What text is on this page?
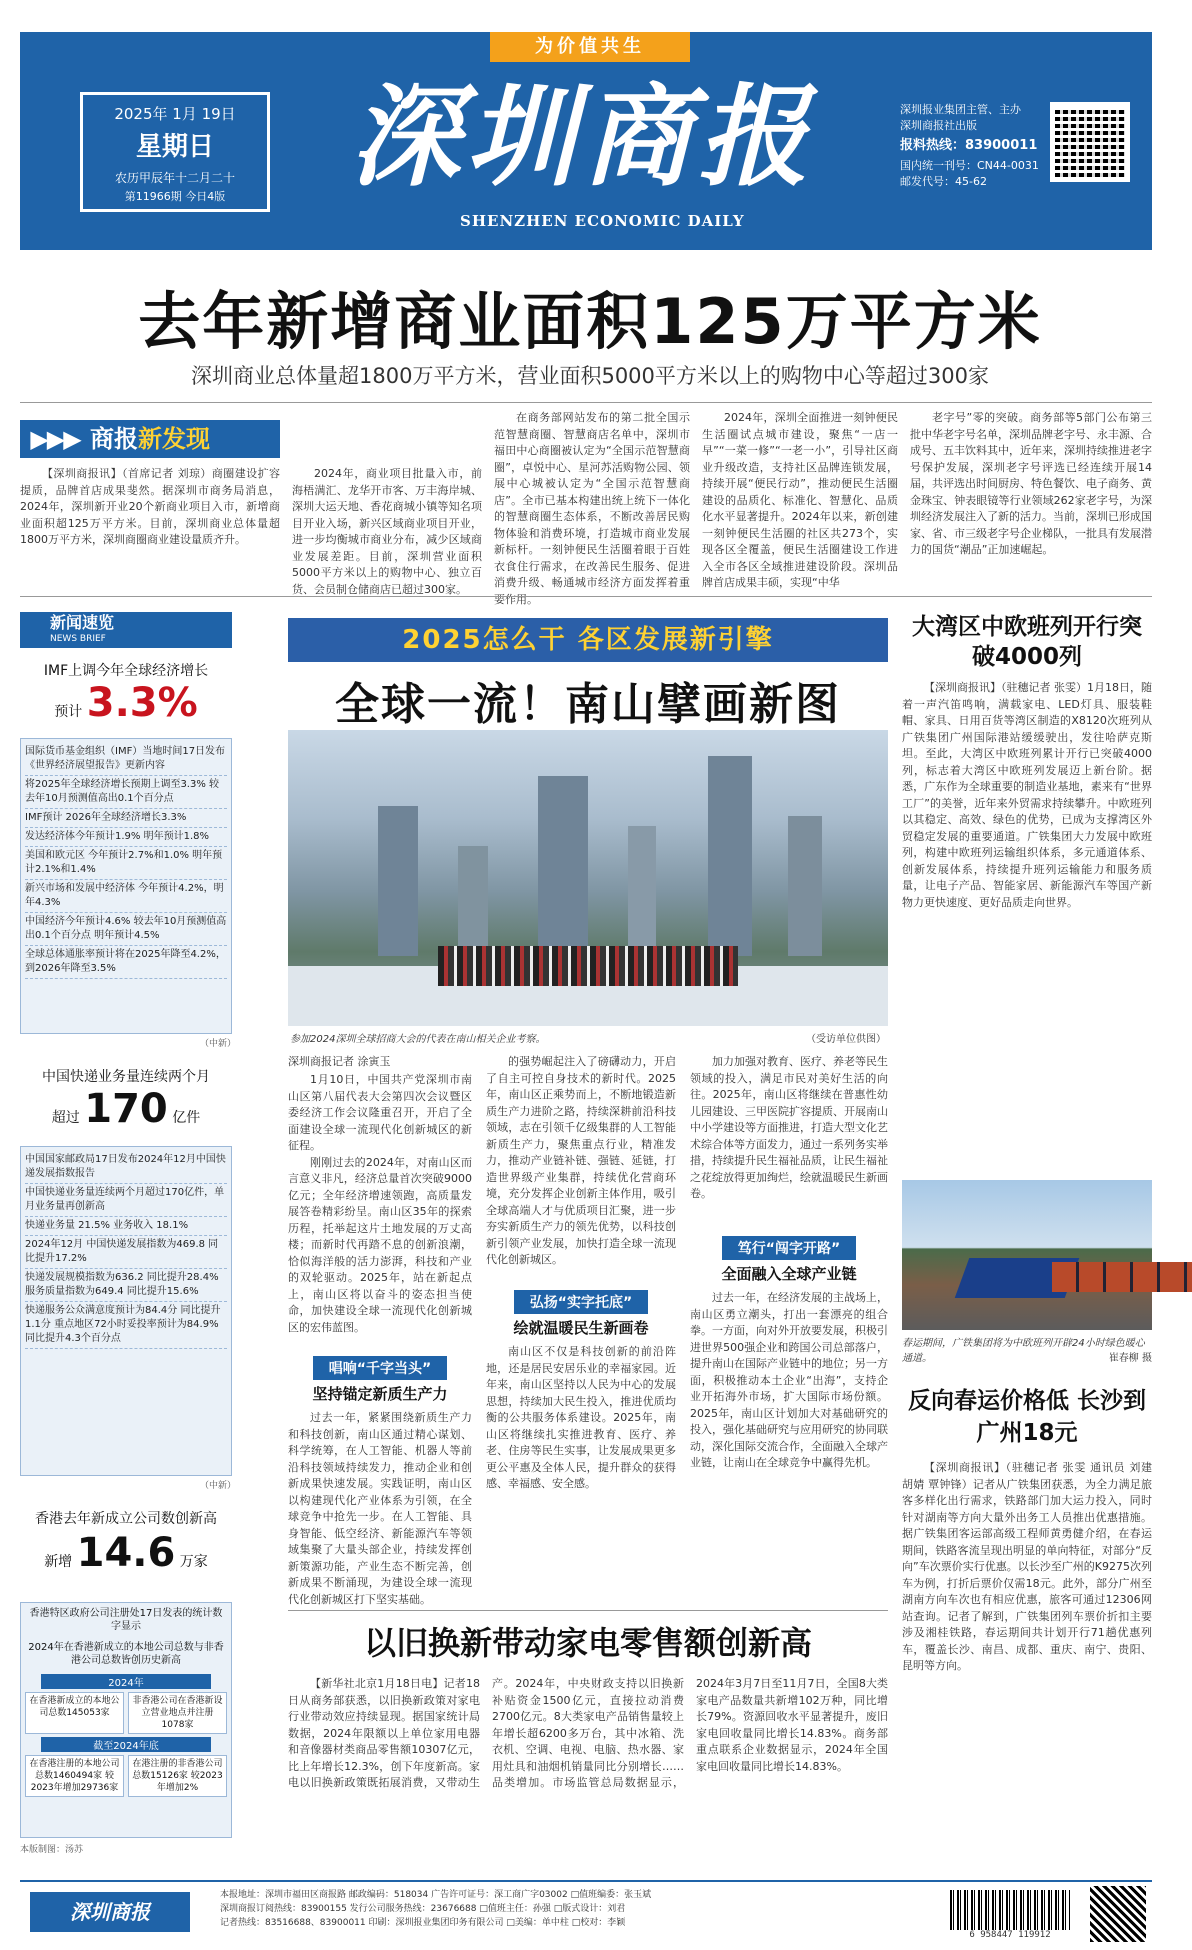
为价值共生
2025年 1月 19日
星期日
农历甲辰年十二月二十
第11966期 今日4版	深圳商报
SHENZHEN ECONOMIC DAILY
深圳报业集团主管、主办
深圳商报社出版
报料热线：83900011
国内统一刊号：CN44-0031
邮发代号：45-62
去年新增商业面积125万平方米
深圳商业总体量超1800万平方米，营业面积5000平方米以上的购物中心等超过300家
▶▶▶ 商报新发现

【深圳商报讯】（首席记者 刘琼）商圈建设扩容提质，品牌首店成果斐然。据深圳市商务局消息，2024年，深圳新开业20个新商业项目入市，新增商业面积超125万平方米。目前，深圳商业总体量超1800万平方米，深圳商圈商业建设量质齐升。

2024年，商业项目批量入市，前海梧满汇、龙华开市客、万丰海岸城、深圳大运天地、香花商城小镇等知名项目开业入场，新兴区域商业项目开业，进一步均衡城市商业分布，减少区域商业发展差距。目前，深圳营业面积5000平方米以上的购物中心、独立百货、会员制仓储商店已超过300家。

在商务部网站发布的第二批全国示范智慧商圈、智慧商店名单中，深圳市福田中心商圈被认定为“全国示范智慧商圈”，卓悦中心、星河苏活购物公园、领展中心城被认定为“全国示范智慧商店”。全市已基本构建出统上统下一体化的智慧商圈生态体系，不断改善居民购物体验和消费环境，打造城市商业发展新标杆。一刻钟便民生活圈着眼于百姓衣食住行需求，在改善民生服务、促进消费升级、畅通城市经济方面发挥着重要作用。

2024年，深圳全面推进一刻钟便民生活圈试点城市建设，聚焦“一店一早”“一菜一修”“一老一小”，引导社区商业升级改造，支持社区品牌连锁发展，持续开展“便民行动”，推动便民生活圈建设的品质化、标准化、智慧化、品质化水平显著提升。2024年以来，新创建一刻钟便民生活圈的社区共273个，实现各区全覆盖，便民生活圈建设工作进入全市各区全域推进建设阶段。深圳品牌首店成果丰硕，实现“中华

老字号”零的突破。商务部等5部门公布第三批中华老字号名单，深圳品牌老字号、永丰源、合成号、五丰饮料其中，近年来，深圳持续推进老字号保护发展，深圳老字号评选已经连续开展14届，共评选出时间厨房、特色餐饮、电子商务、黄金珠宝、钟表眼镜等行业领域262家老字号，为深圳经济发展注入了新的活力。当前，深圳已形成国家、省、市三级老字号企业梯队，一批具有发展潜力的国货“潮品”正加速崛起。

新闻速览
NEWS BRIEF
IMF上调今年全球经济增长
预计 3.3%
国际货币基金组织（IMF）当地时间17日发布《世界经济展望报告》更新内容
将2025年全球经济增长预期上调至3.3% 较去年10月预测值高出0.1个百分点
IMF预计 2026年全球经济增长3.3%
发达经济体今年预计1.9% 明年预计1.8%
美国和欧元区 今年预计2.7%和1.0% 明年预计2.1%和1.4%
新兴市场和发展中经济体 今年预计4.2%，明年4.3%
中国经济今年预计4.6% 较去年10月预测值高出0.1个百分点 明年预计4.5%
全球总体通胀率预计将在2025年降至4.2%，到2026年降至3.5%
（中新）
中国快递业务量连续两个月
超过 170 亿件
中国国家邮政局17日发布2024年12月中国快递发展指数报告
中国快递业务量连续两个月超过170亿件，单月业务量再创新高
快递业务量 21.5% 业务收入 18.1%
2024年12月 中国快递发展指数为469.8 同比提升17.2%
快递发展规模指数为636.2 同比提升28.4% 服务质量指数为649.4 同比提升15.6%
快递服务公众满意度预计为84.4分 同比提升1.1分 重点地区72小时妥投率预计为84.9% 同比提升4.3个百分点
（中新）
香港去年新成立公司数创新高
新增 14.6 万家
香港特区政府公司注册处17日发表的统计数字显示
2024年在香港新成立的本地公司总数与非香港公司总数皆创历史新高
2024年
在香港新成立的本地公司总数145053家
非香港公司在香港新设立营业地点并注册1078家
截至2024年底
在香港注册的本地公司总数1460494家 较2023年增加29736家
在港注册的非香港公司总数15126家 较2023年增加2%
本版制图：汤苏
2025怎么干 各区发展新引擎
全球一流！南山擘画新图
参加2024深圳全球招商大会的代表在南山相关企业考察。	（受访单位供图）
深圳商报记者 涂寅玉

1月10日，中国共产党深圳市南山区第八届代表大会第四次会议暨区委经济工作会议隆重召开，开启了全面建设全球一流现代化创新城区的新征程。

刚刚过去的2024年，对南山区而言意义非凡，经济总量首次突破9000亿元；全年经济增速领跑，高质量发展答卷精彩纷呈。南山区35年的探索历程，托举起这片土地发展的万丈高楼；而新时代再踏不息的创新浪潮，恰似海洋般的活力澎湃，科技和产业的双轮驱动。2025年，站在新起点上，南山区将以奋斗的姿态担当使命，加快建设全球一流现代化创新城区的宏伟蓝图。

唱响“千字当头”
坚持锚定新质生产力

过去一年，紧紧围绕新质生产力和科技创新，南山区通过精心谋划、科学统筹，在人工智能、机器人等前沿科技领域持续发力，推动企业和创新成果快速发展。实践证明，南山区以构建现代化产业体系为引领，在全球竞争中抢先一步。在人工智能、具身智能、低空经济、新能源汽车等领域集聚了大量头部企业，持续发挥创新策源功能，产业生态不断完善，创新成果不断涌现，为建设全球一流现代化创新城区打下坚实基础。

的强势崛起注入了磅礴动力，开启了自主可控自身技术的新时代。2025年，南山区正乘势而上，不断地锻造新质生产力进阶之路，持续深耕前沿科技领域，志在引领千亿级集群的人工智能新质生产力，聚焦重点行业，精准发力，推动产业链补链、强链、延链，打造世界级产业集群，持续优化营商环境，充分发挥企业创新主体作用，吸引全球高端人才与优质项目汇聚，进一步夯实新质生产力的领先优势，以科技创新引领产业发展，加快打造全球一流现代化创新城区。

弘扬“实字托底”
绘就温暖民生新画卷

南山区不仅是科技创新的前沿阵地，还是居民安居乐业的幸福家园。近年来，南山区坚持以人民为中心的发展思想，持续加大民生投入，推进优质均衡的公共服务体系建设。2025年，南山区将继续扎实推进教育、医疗、养老、住房等民生实事，让发展成果更多更公平惠及全体人民，提升群众的获得感、幸福感、安全感。

加力加强对教育、医疗、养老等民生领域的投入，满足市民对美好生活的向往。2025年，南山区将继续在普惠性幼儿园建设、三甲医院扩容提质、开展南山中小学建设等方面推进，打造大型文化艺术综合体等方面发力，通过一系列务实举措，持续提升民生福祉品质，让民生福祉之花绽放得更加绚烂，绘就温暖民生新画卷。

笃行“闯字开路”
全面融入全球产业链

过去一年，在经济发展的主战场上，南山区勇立潮头，打出一套漂亮的组合拳。一方面，向对外开放要发展，积极引进世界500强企业和跨国公司总部落户，提升南山在国际产业链中的地位；另一方面，积极推动本土企业“出海”，支持企业开拓海外市场，扩大国际市场份额。2025年，南山区计划加大对基础研究的投入，强化基础研究与应用研究的协同联动，深化国际交流合作，全面融入全球产业链，让南山在全球竞争中赢得先机。

大湾区中欧班列开行突破4000列

【深圳商报讯】（驻穗记者 张雯）1月18日，随着一声汽笛鸣响，满载家电、LED灯具、服装鞋帽、家具、日用百货等湾区制造的X8120次班列从广铁集团广州国际港站缓缓驶出，发往哈萨克斯坦。至此，大湾区中欧班列累计开行已突破4000列，标志着大湾区中欧班列发展迈上新台阶。据悉，广东作为全球重要的制造业基地，素来有“世界工厂”的美誉，近年来外贸需求持续攀升。中欧班列以其稳定、高效、绿色的优势，已成为支撑湾区外贸稳定发展的重要通道。广铁集团大力发展中欧班列，构建中欧班列运输组织体系，多元通道体系、创新发展体系，持续提升班列运输能力和服务质量，让电子产品、智能家居、新能源汽车等国产新物力更快速度、更好品质走向世界。

春运期间，广铁集团将为中欧班列开辟24小时绿色暖心通道。	崔春柳 摄
反向春运价格低 长沙到广州18元

【深圳商报讯】（驻穗记者 张雯 通讯员 刘建 胡婧 覃钟锋）记者从广铁集团获悉，为全力满足旅客多样化出行需求，铁路部门加大运力投入，同时针对湖南等方向大量外出务工人员推出优惠措施。据广铁集团客运部高级工程师黄勇健介绍，在春运期间，铁路客流呈现出明显的单向特征，对部分“反向”车次票价实行优惠。以长沙至广州的K9275次列车为例，打折后票价仅需18元。此外，部分广州至湖南方向车次也有相应优惠，旅客可通过12306网站查询。记者了解到，广铁集团列车票价折扣主要涉及湘桂铁路，春运期间共计划开行71趟优惠列车，覆盖长沙、南昌、成都、重庆、南宁、贵阳、昆明等方向。

以旧换新带动家电零售额创新高

【新华社北京1月18日电】记者18日从商务部获悉，以旧换新政策对家电行业带动效应持续显现。据国家统计局数据，2024年限额以上单位家用电器和音像器材类商品零售额10307亿元，比上年增长12.3%，创下年度新高。家电以旧换新政策既拓展消费，又带动生产。2024年，中央财政支持以旧换新补贴资金1500亿元，直接拉动消费2700亿元。8大类家电产品销售量较上年增长超6200多万台，其中冰箱、洗衣机、空调、电视、电脑、热水器、家用灶具和油烟机销量同比分别增长……品类增加。市场监管总局数据显示，2024年3月7日至11月7日，全国8大类家电产品数量共新增102万种，同比增长79%。资源回收水平显著提升，废旧家电回收量同比增长14.83%。商务部重点联系企业数据显示，2024年全国家电回收量同比增长14.83%。

深圳商报
本报地址：深圳市福田区商报路 邮政编码：518034 广告许可证号：深工商广字03002 □值班编委：张玉斌
深圳商报订阅热线：83900155 发行公司服务热线：23676688 □值班主任：孙强 □版式设计：刘君
记者热线：83516688、83900011 印刷：深圳报业集团印务有限公司 □美编：单中柱 □校对：李颖
6 958447 119912
